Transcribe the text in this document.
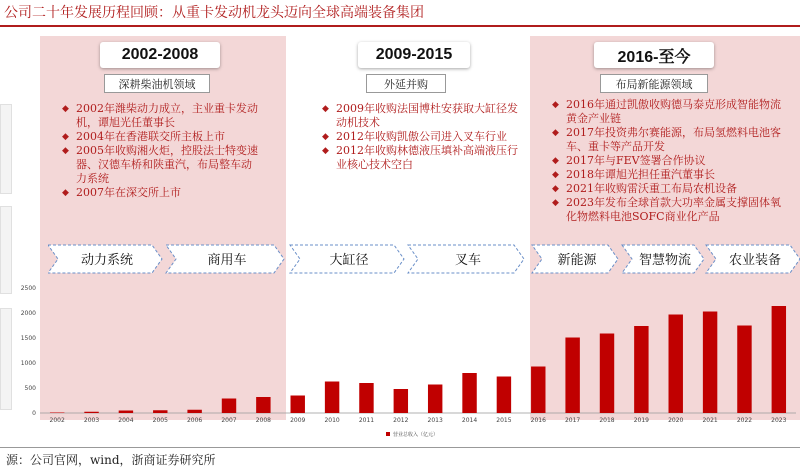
公司二十年发展历程回顾：从重卡发动机龙头迈向全球高端装备集团
2002-2008	2009-2015	2016-至今
深耕柴油机领域	外延并购	布局新能源领域
◆ 2002年潍柴动力成立，主业重卡发动机，谭旭光任董事长
◆ 2004年在香港联交所主板上市
◆ 2005年收购湘火炬，控股法士特变速器、汉德车桥和陕重汽，布局整车动力系统
◆ 2007年在深交所上市
◆ 2009年收购法国博杜安获取大缸径发动机技术
◆ 2012年收购凯傲公司进入叉车行业
◆ 2012年收购林德液压填补高端液压行业核心技术空白
◆ 2016年通过凯傲收购德马泰克形成智能物流黄金产业链
◆ 2017年投资弗尔赛能源，布局氢燃料电池客车、重卡等产品开发
◆ 2017年与FEV签署合作协议
◆ 2018年谭旭光担任重汽董事长
◆ 2021年收购雷沃重工布局农机设备
◆ 2023年发布全球首款大功率金属支撑固体氧化物燃料电池SOFC商业化产品
动力系统	商用车	大缸径	叉车	新能源	智慧物流	农业装备
0
500
1000
1500
2000
2500
2002	2003	2004	2005	2006	2007	2008	2009	2010	2011	2012	2013	2014	2015	2016	2017	2018	2019	2020	2021	2022	2023
营业总收入（亿元）
源：公司官网，wind，浙商证券研究所
